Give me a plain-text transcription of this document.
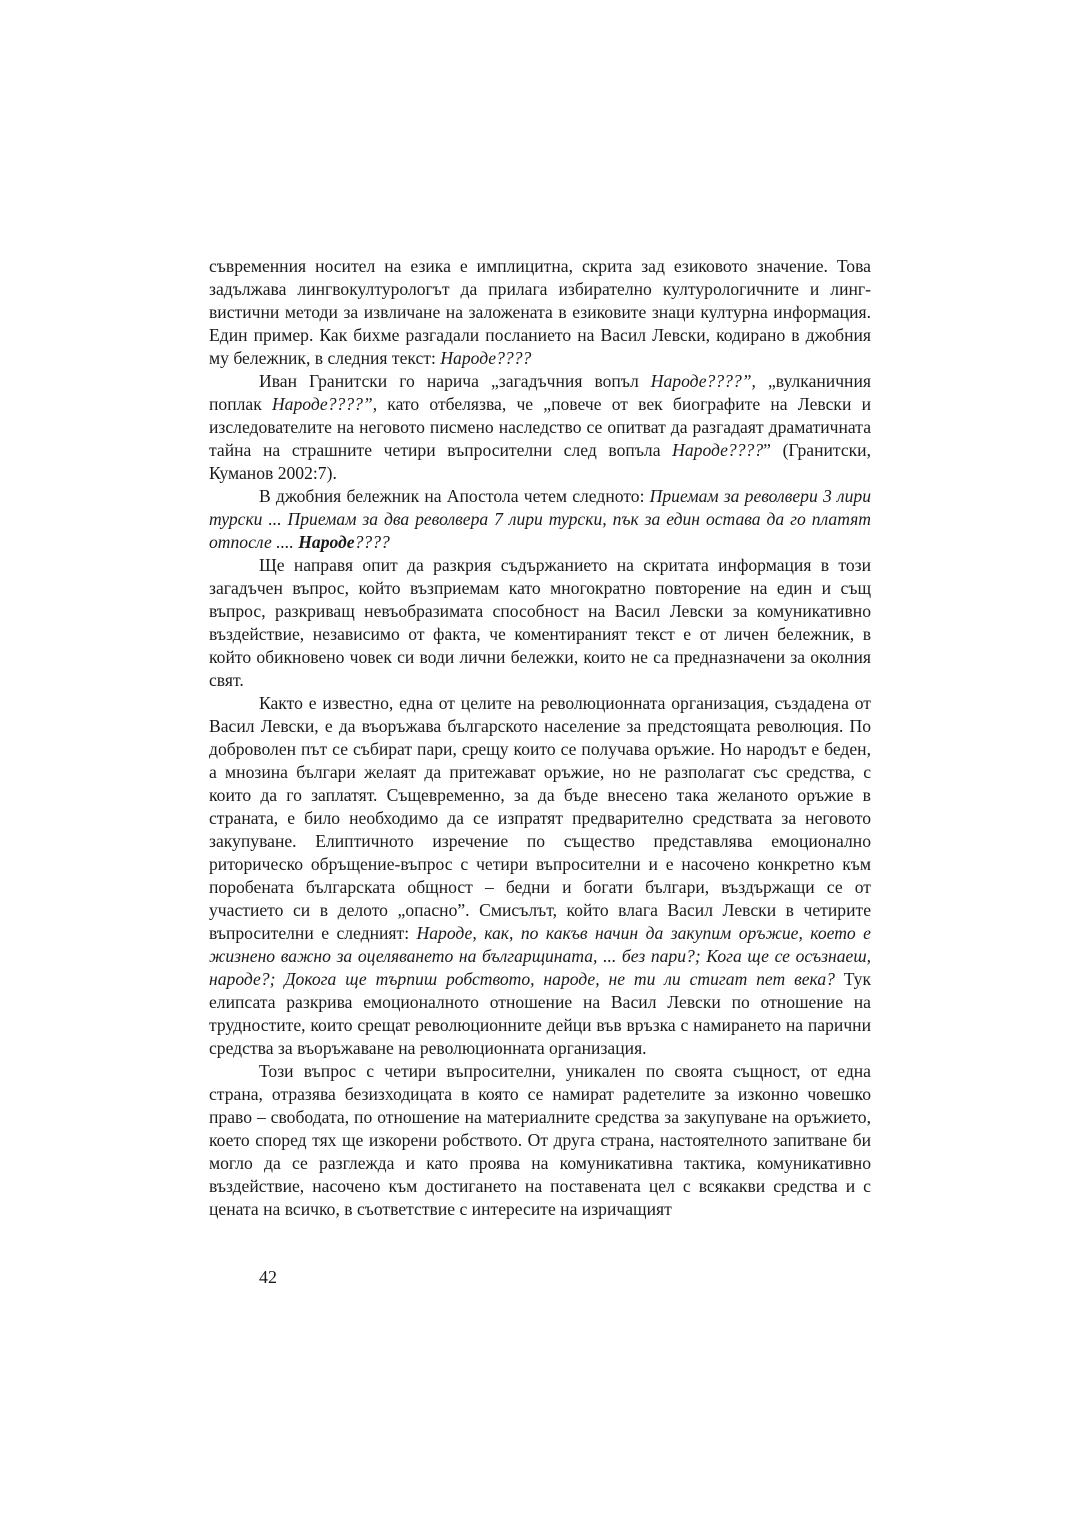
съвременния носител на езика е имплицитна, скрита зад езиковото значение. Това задължава лингвокултурологът да прилага избирателно културологичните и лингвистични методи за извличане на заложената в езиковите знаци културна информация. Един пример. Как бихме разгадали посланието на Васил Левски, кодирано в джобния му бележник, в следния текст: Народе????

Иван Гранитски го нарича „загадъчния вопъл Народе????”, „вулканичния поплак Народе????”, като отбелязва, че „повече от век биографите на Левски и изследователите на неговото писмено наследство се опитват да разгадаят драматичната тайна на страшните четири въпросителни след вопъла Народе????” (Гранитски, Куманов 2002:7).

В джобния бележник на Апостола четем следното: Приемам за револвери 3 лири турски ... Приемам за два револвера 7 лири турски, пък за един остава да го платят отпосле .... Народе????

Ще направя опит да разкрия съдържанието на скритата информация в този загадъчен въпрос, който възприемам като многократно повторение на един и същ въпрос, разкриващ невъобразимата способност на Васил Левски за комуникативно въздействие, независимо от факта, че коментираният текст е от личен бележник, в който обикновено човек си води лични бележки, които не са предназначени за околния свят.

Както е известно, една от целите на революционната организация, създадена от Васил Левски, е да въоръжава българското население за предстоящата революция. По доброволен път се събират пари, срещу които се получава оръжие. Но народът е беден, а мнозина българи желаят да притежават оръжие, но не разполагат със средства, с които да го заплатят. Същевременно, за да бъде внесено така желаното оръжие в страната, е било необходимо да се изпратят предварително средствата за неговото закупуване. Елиптичното изречение по същество представлява емоционално риторическо обръщение-въпрос с четири въпросителни и е насочено конкретно към поробената българската общност – бедни и богати българи, въздържащи се от участието си в делото „опасно”. Смисълът, който влага Васил Левски в четирите въпросителни е следният: Народе, как, по какъв начин да закупим оръжие, което е жизнено важно за оцеляването на българщината, ... без пари?; Кога ще се осъзнаеш, народе?; Докога ще търпиш робството, народе, не ти ли стигат пет века? Тук елипсата разкрива емоционалното отношение на Васил Левски по отношение на трудностите, които срещат революционните дейци във връзка с намирането на парични средства за въоръжаване на революционната организация.

Този въпрос с четири въпросителни, уникален по своята същност, от една страна, отразява безизходицата в която се намират радетелите за изконно човешко право – свободата, по отношение на материалните средства за закупуване на оръжието, което според тях ще изкорени робството. От друга страна, настоятелното запитване би могло да се разглежда и като проява на комуникативна тактика, комуникативно въздействие, насочено към достигането на поставената цел с всякакви средства и с цената на всичко, в съответствие с интересите на изричащият

42
